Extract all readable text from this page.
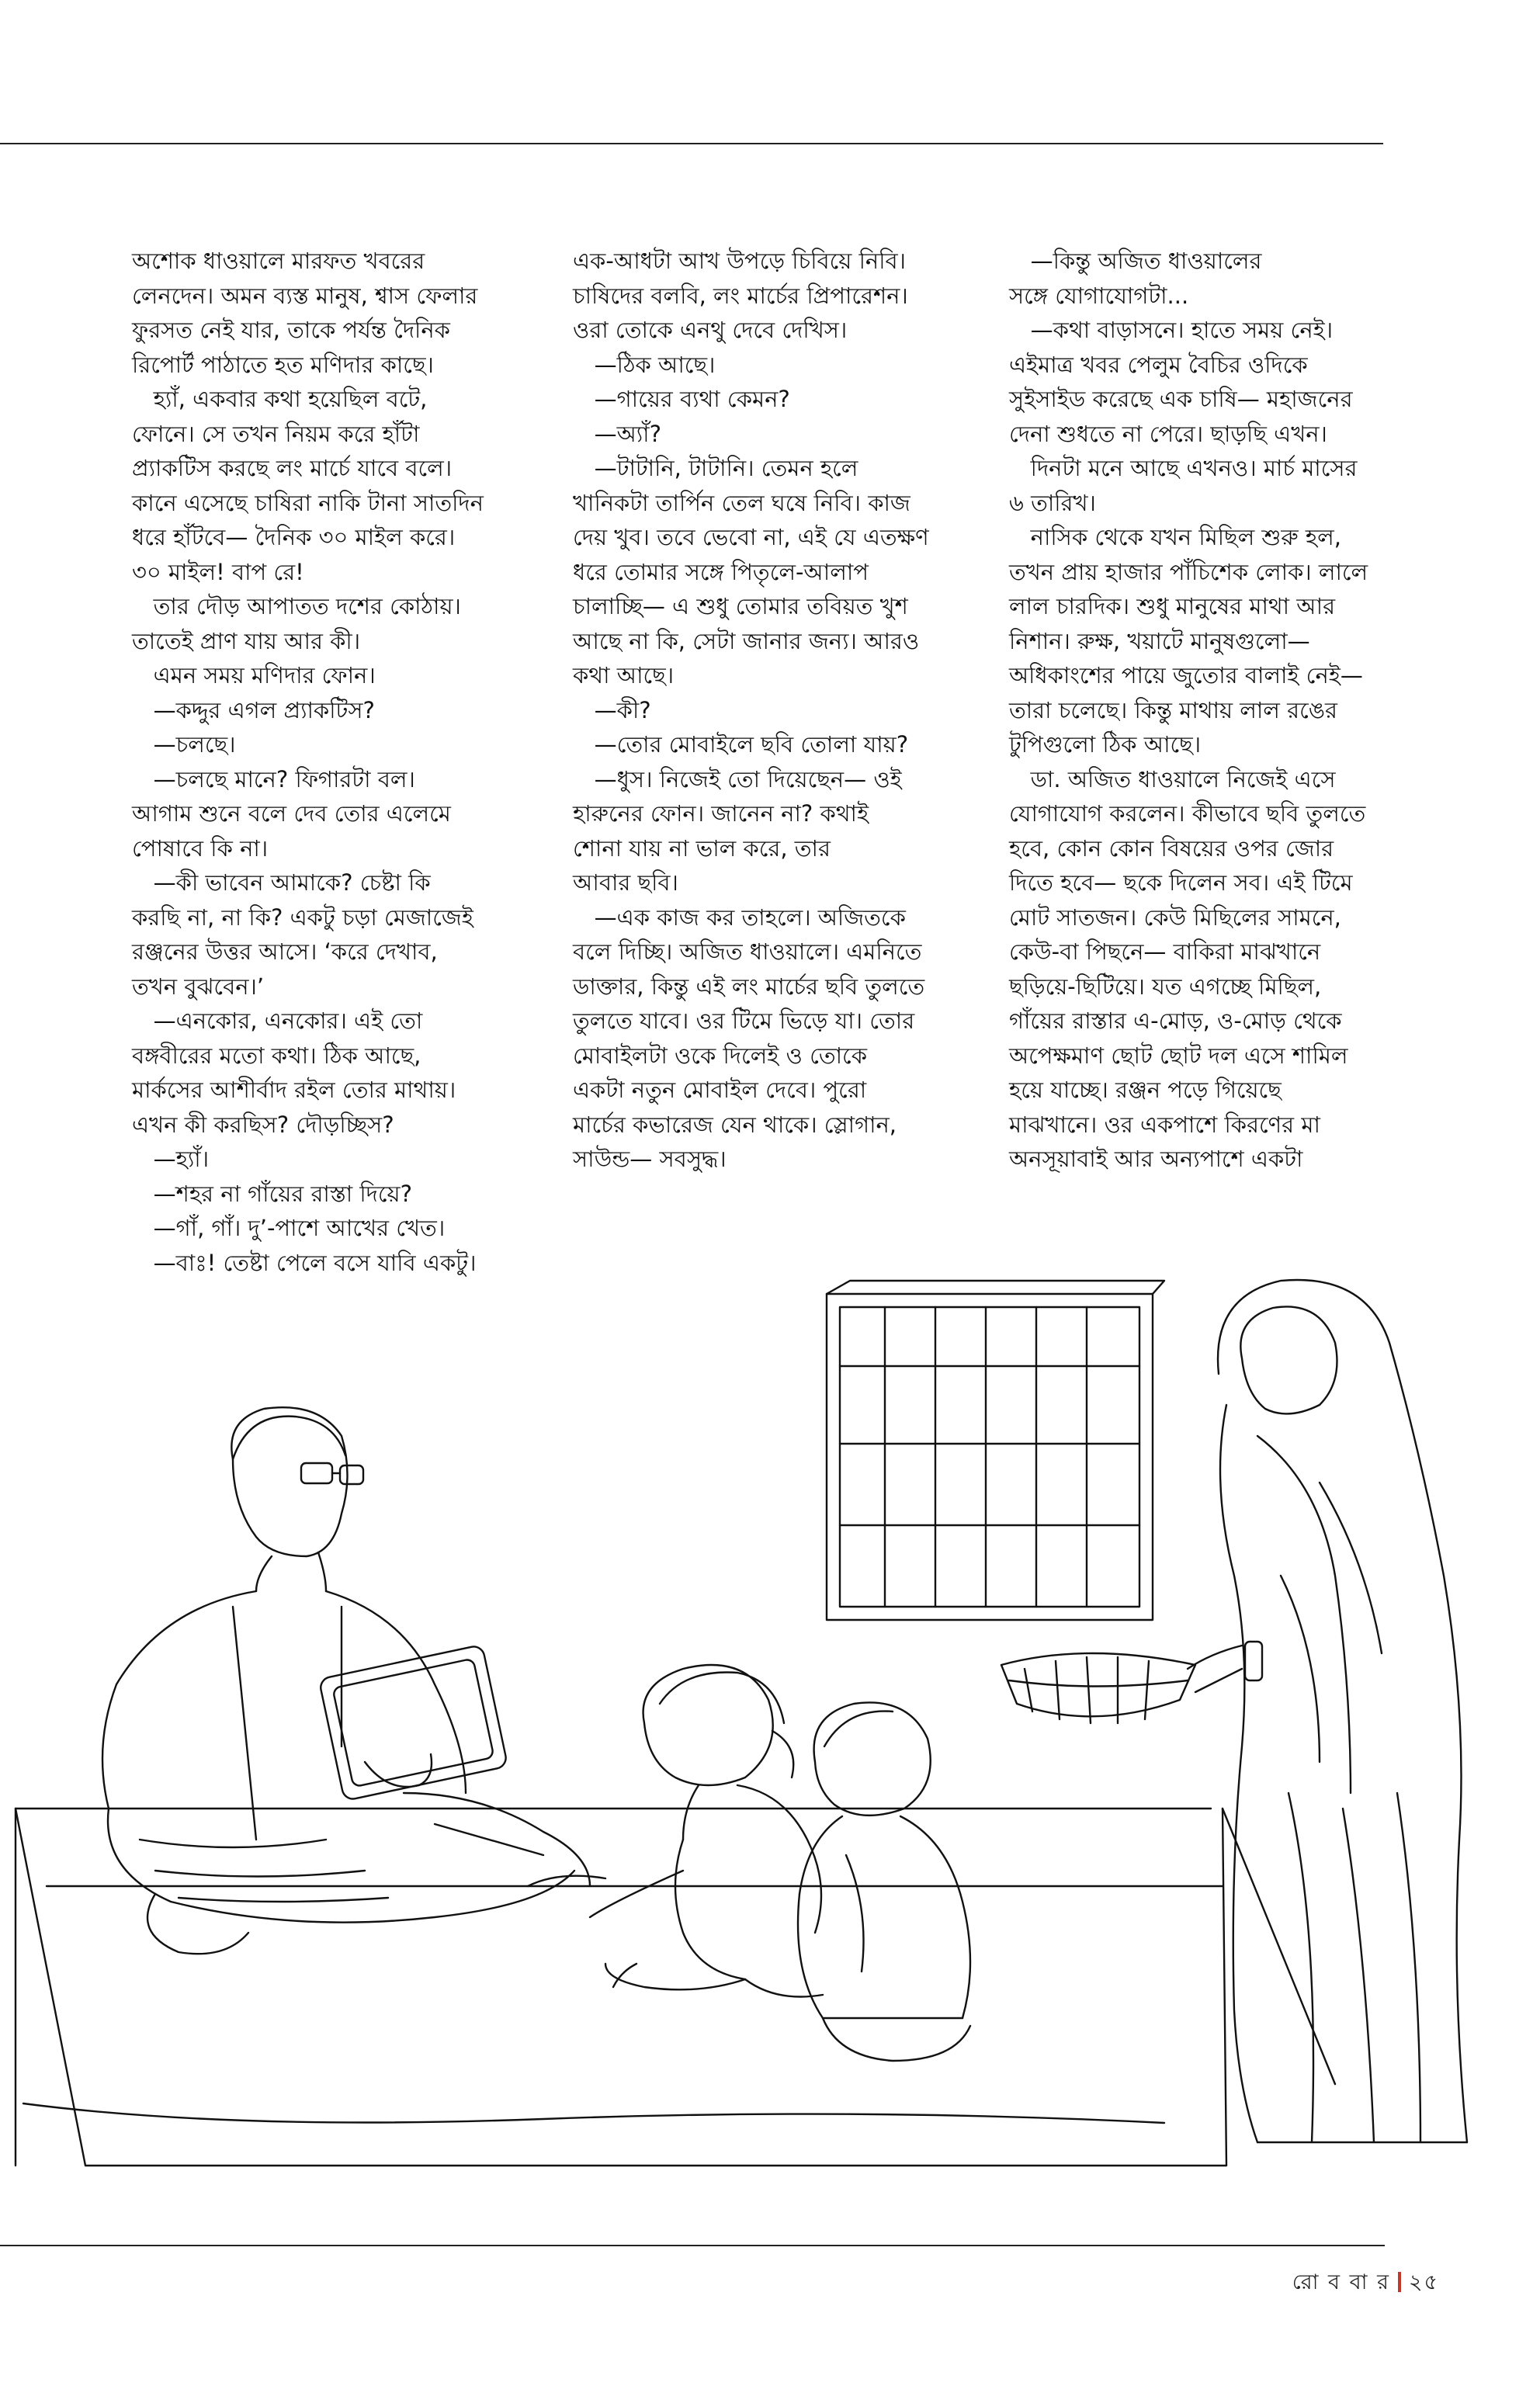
অশোক ধাওয়ালে মারফত খবরের
লেনদেন। অমন ব্যস্ত মানুষ, শ্বাস ফেলার
ফুরসত নেই যার, তাকে পর্যন্ত দৈনিক
রিপোর্ট পাঠাতে হত মণিদার কাছে।
হ্যাঁ, একবার কথা হয়েছিল বটে,
ফোনে। সে তখন নিয়ম করে হাঁটা
প্র্যাকটিস করছে লং মার্চে যাবে বলে।
কানে এসেছে চাষিরা নাকি টানা সাতদিন
ধরে হাঁটবে— দৈনিক ৩০ মাইল করে।
৩০ মাইল! বাপ রে!
তার দৌড় আপাতত দশের কোঠায়।
তাতেই প্রাণ যায় আর কী।
এমন সময় মণিদার ফোন।
—কদ্দুর এগল প্র্যাকটিস?
—চলছে।
—চলছে মানে? ফিগারটা বল।
আগাম শুনে বলে দেব তোর এলেমে
পোষাবে কি না।
—কী ভাবেন আমাকে? চেষ্টা কি
করছি না, না কি? একটু চড়া মেজাজেই
রঞ্জনের উত্তর আসে। ‘করে দেখাব,
তখন বুঝবেন।’
—এনকোর, এনকোর। এই তো
বঙ্গবীরের মতো কথা। ঠিক আছে,
মার্কসের আশীর্বাদ রইল তোর মাথায়।
এখন কী করছিস? দৌড়চ্ছিস?
—হ্যাঁ।
—শহর না গাঁয়ের রাস্তা দিয়ে?
—গাঁ, গাঁ। দু’-পাশে আখের খেত।
—বাঃ! তেষ্টা পেলে বসে যাবি একটু।
এক-আধটা আখ উপড়ে চিবিয়ে নিবি।
চাষিদের বলবি, লং মার্চের প্রিপারেশন।
ওরা তোকে এনথু দেবে দেখিস।
—ঠিক আছে।
—গায়ের ব্যথা কেমন?
—অ্যাঁ?
—টাটানি, টাটানি। তেমন হলে
খানিকটা তার্পিন তেল ঘষে নিবি। কাজ
দেয় খুব। তবে ভেবো না, এই যে এতক্ষণ
ধরে তোমার সঙ্গে পিতৃলে-আলাপ
চালাচ্ছি— এ শুধু তোমার তবিয়ত খুশ
আছে না কি, সেটা জানার জন্য। আরও
কথা আছে।
—কী?
—তোর মোবাইলে ছবি তোলা যায়?
—ধুস। নিজেই তো দিয়েছেন— ওই
হারুনের ফোন। জানেন না? কথাই
শোনা যায় না ভাল করে, তার
আবার ছবি।
—এক কাজ কর তাহলে। অজিতকে
বলে দিচ্ছি। অজিত ধাওয়ালে। এমনিতে
ডাক্তার, কিন্তু এই লং মার্চের ছবি তুলতে
তুলতে যাবে। ওর টিমে ভিড়ে যা। তোর
মোবাইলটা ওকে দিলেই ও তোকে
একটা নতুন মোবাইল দেবে। পুরো
মার্চের কভারেজ যেন থাকে। স্লোগান,
সাউন্ড— সবসুদ্ধ।
—কিন্তু অজিত ধাওয়ালের
সঙ্গে যোগাযোগটা...
—কথা বাড়াসনে। হাতে সময় নেই।
এইমাত্র খবর পেলুম বৈচির ওদিকে
সুইসাইড করেছে এক চাষি— মহাজনের
দেনা শুধতে না পেরে। ছাড়ছি এখন।
দিনটা মনে আছে এখনও। মার্চ মাসের
৬ তারিখ।
নাসিক থেকে যখন মিছিল শুরু হল,
তখন প্রায় হাজার পাঁচিশেক লোক। লালে
লাল চারদিক। শুধু মানুষের মাথা আর
নিশান। রুক্ষ, খয়াটে মানুষগুলো—
অধিকাংশের পায়ে জুতোর বালাই নেই—
তারা চলেছে। কিন্তু মাথায় লাল রঙের
টুপিগুলো ঠিক আছে।
ডা. অজিত ধাওয়ালে নিজেই এসে
যোগাযোগ করলেন। কীভাবে ছবি তুলতে
হবে, কোন কোন বিষয়ের ওপর জোর
দিতে হবে— ছকে দিলেন সব। এই টিমে
মোট সাতজন। কেউ মিছিলের সামনে,
কেউ-বা পিছনে— বাকিরা মাঝখানে
ছড়িয়ে-ছিটিয়ে। যত এগচ্ছে মিছিল,
গাঁয়ের রাস্তার এ-মোড়, ও-মোড় থেকে
অপেক্ষমাণ ছোট ছোট দল এসে শামিল
হয়ে যাচ্ছে। রঞ্জন পড়ে গিয়েছে
মাঝখানে। ওর একপাশে কিরণের মা
অনসূয়াবাই আর অন্যপাশে একটা
রো ব বা র ২৫
